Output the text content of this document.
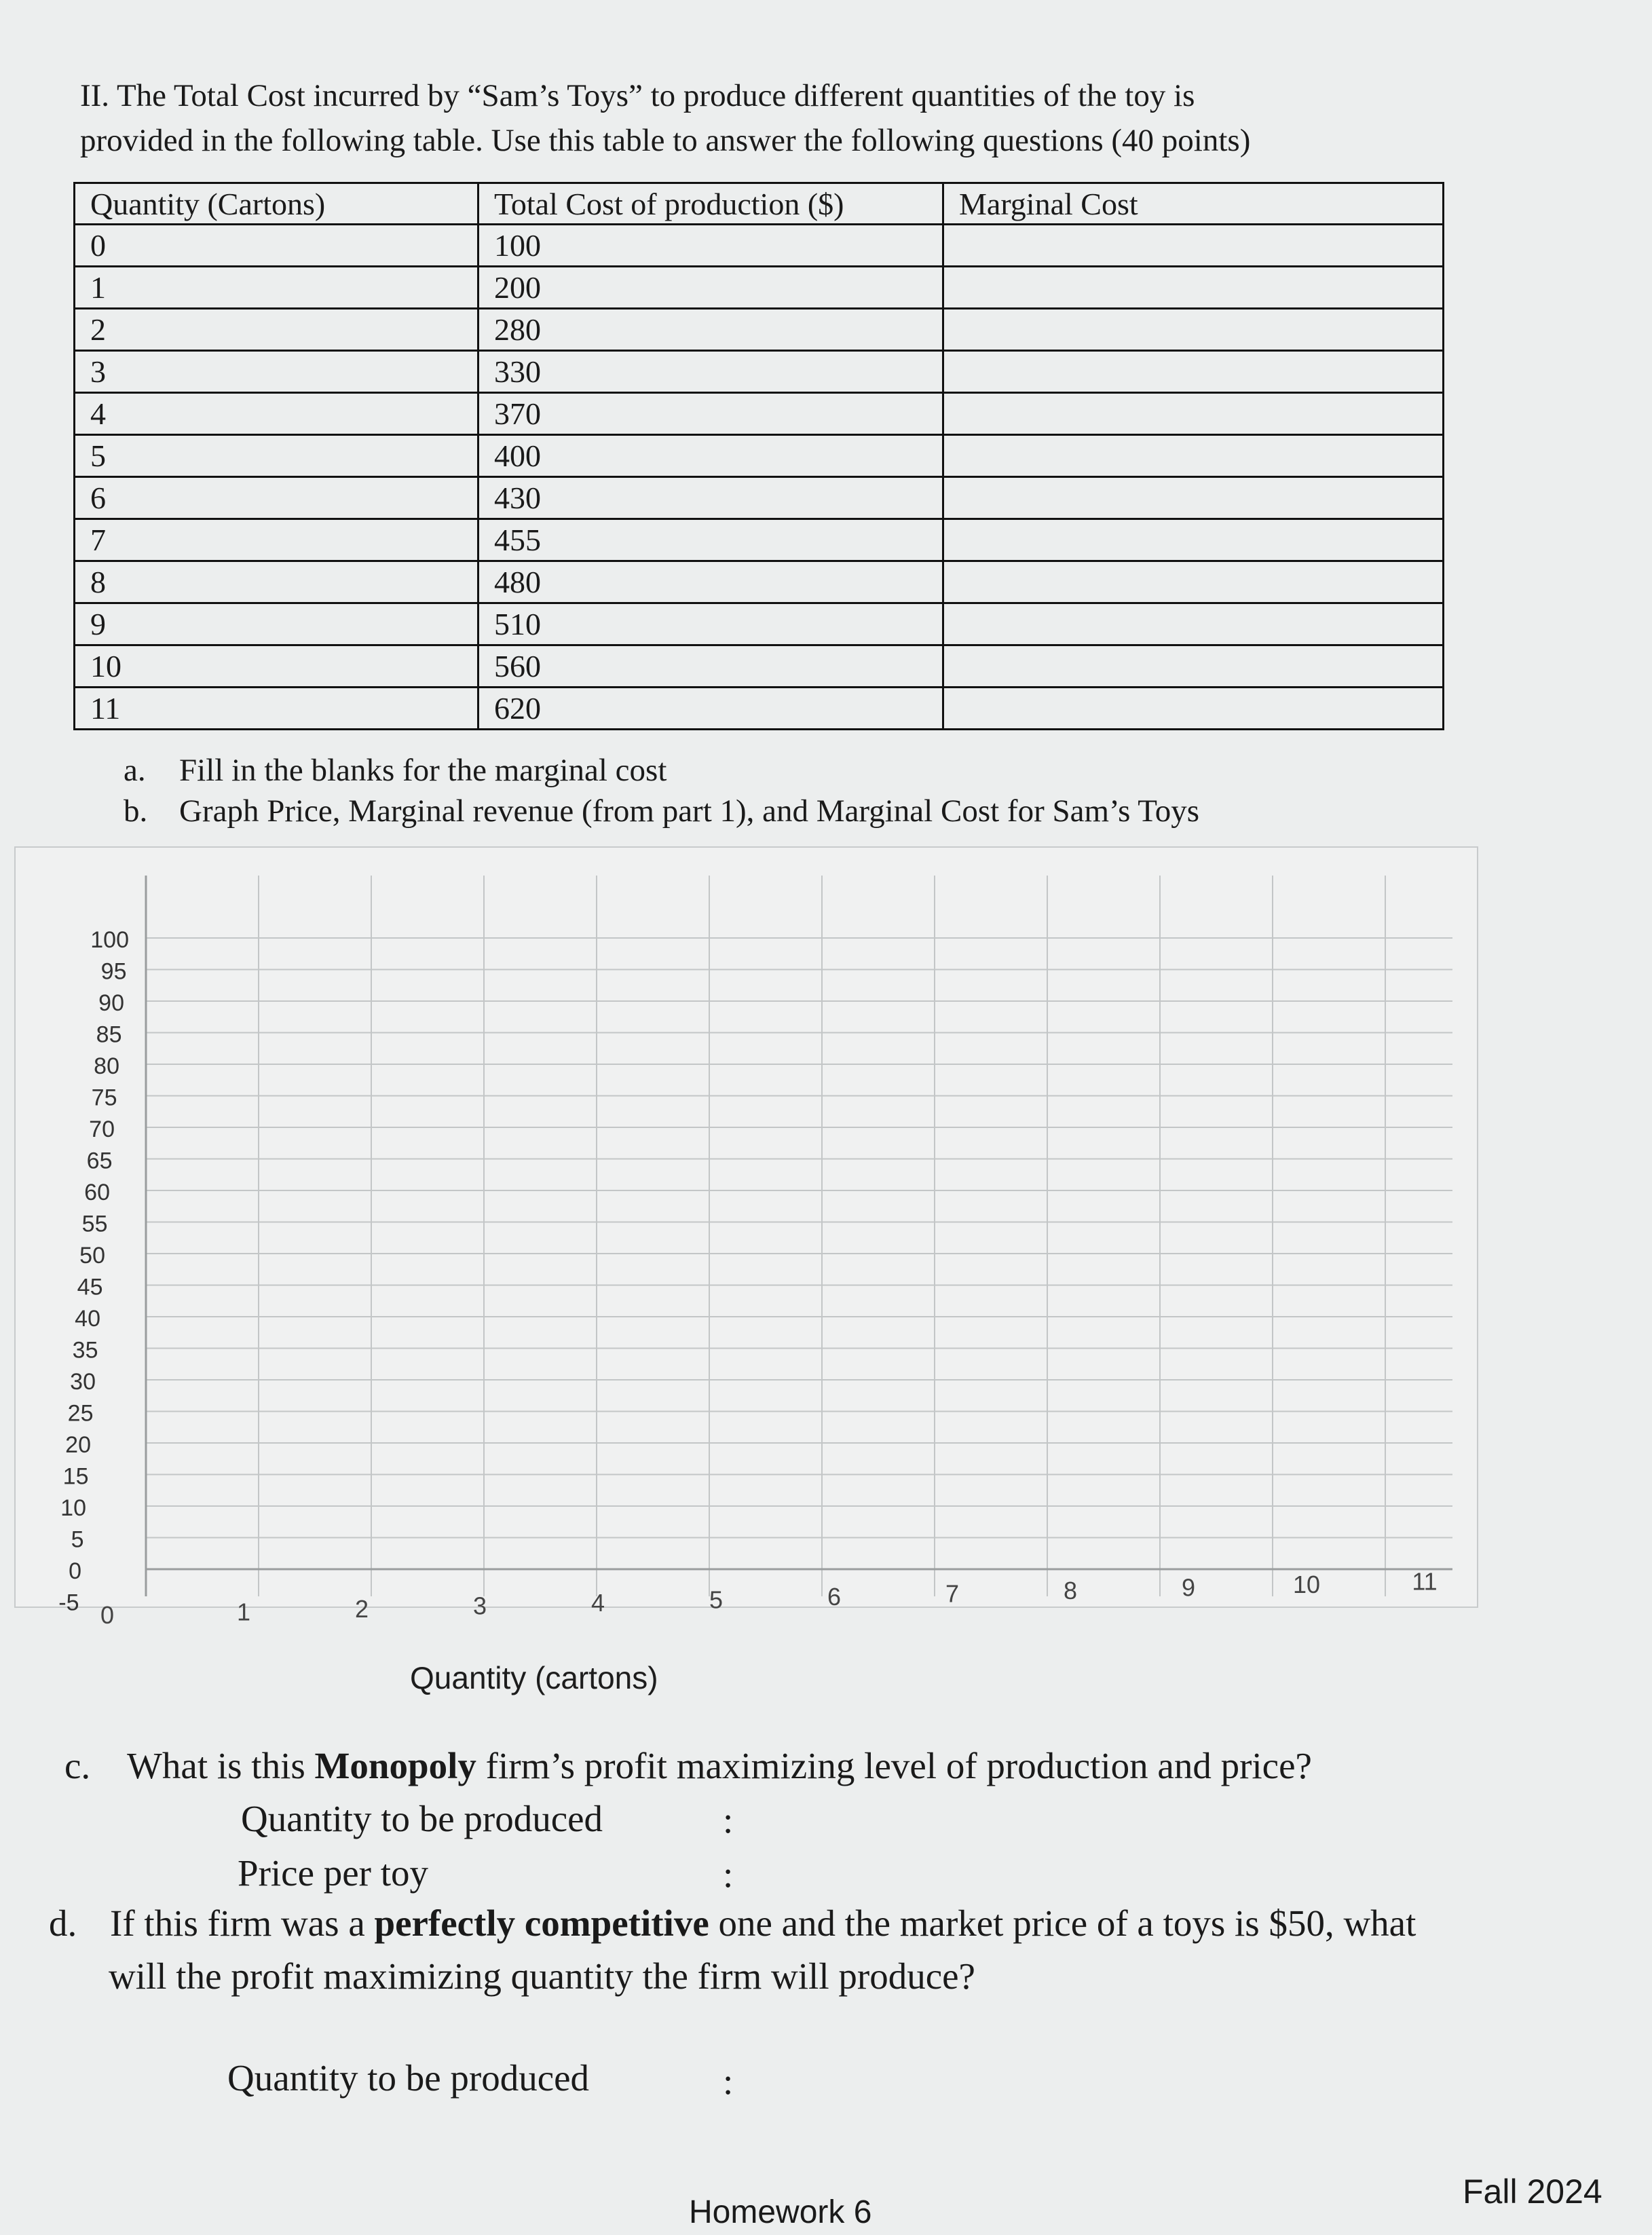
II. The Total Cost incurred by “Sam’s Toys” to produce different quantities of the toy is
provided in the following table. Use this table to answer the following questions (40 points)
Quantity (Cartons)	Total Cost of production ($)	Marginal Cost
0	100	
1	200	
2	280	
3	330	
4	370	
5	400	
6	430	
7	455	
8	480	
9	510	
10	560	
11	620	
a. Fill in the blanks for the marginal cost
b. Graph Price, Marginal revenue (from part 1), and Marginal Cost for Sam’s Toys
100
95
90
85
80
75
70
65
60
55
50
45
40
35
30
25
20
15
10
5
0
-5 0	1	2	3	4	5	6	7	8	9	10	11
Quantity (cartons)
c. What is this Monopoly firm’s profit maximizing level of production and price?
Quantity to be produced	:
Price per toy	:
d. If this firm was a perfectly competitive one and the market price of a toys is $50, what
will the profit maximizing quantity the firm will produce?
Quantity to be produced	:
Homework 6
Fall 2024
